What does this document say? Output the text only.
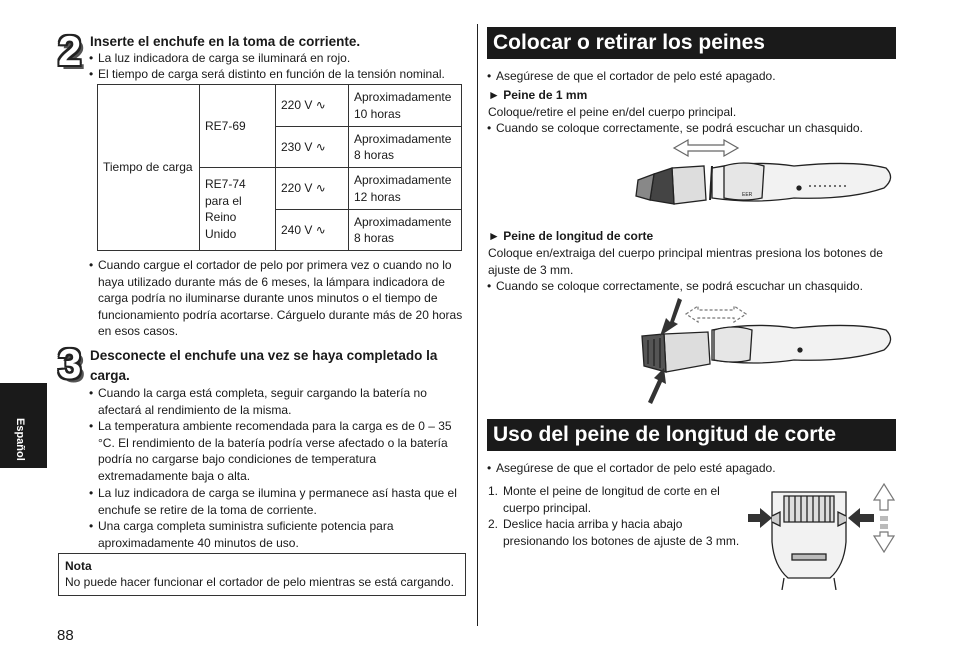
2 Inserte el enchufe en la toma de corriente.
• La luz indicadora de carga se iluminará en rojo.
• El tiempo de carga será distinto en función de la tensión nominal.
Tiempo de carga	RE7-69	220 V ∿	Aproximadamente 10 horas
		230 V ∿	Aproximadamente 8 horas
	RE7-74 para el Reino Unido	220 V ∿	Aproximadamente 12 horas
		240 V ∿	Aproximadamente 8 horas
• Cuando cargue el cortador de pelo por primera vez o cuando no lo haya utilizado durante más de 6 meses, la lámpara indicadora de carga podría no iluminarse durante unos minutos o el tiempo de funcionamiento podría acortarse. Cárguelo durante más de 20 horas en esos casos.
3 Desconecte el enchufe una vez se haya completado la carga.
• Cuando la carga está completa, seguir cargando la batería no afectará al rendimiento de la misma.
• La temperatura ambiente recomendada para la carga es de 0 – 35 °C. El rendimiento de la batería podría verse afectado o la batería podría no cargarse bajo condiciones de temperatura extremadamente baja o alta.
• La luz indicadora de carga se ilumina y permanece así hasta que el enchufe se retire de la toma de corriente.
• Una carga completa suministra suficiente potencia para aproximadamente 40 minutos de uso.
Nota
No puede hacer funcionar el cortador de pelo mientras se está cargando.
Español
88
Colocar o retirar los peines
• Asegúrese de que el cortador de pelo esté apagado.
► Peine de 1 mm
Coloque/retire el peine en/del cuerpo principal.
• Cuando se coloque correctamente, se podrá escuchar un chasquido.
EER
► Peine de longitud de corte
Coloque en/extraiga del cuerpo principal mientras presiona los botones de ajuste de 3 mm.
• Cuando se coloque correctamente, se podrá escuchar un chasquido.
Uso del peine de longitud de corte
• Asegúrese de que el cortador de pelo esté apagado.
1. Monte el peine de longitud de corte en el cuerpo principal.
2. Deslice hacia arriba y hacia abajo presionando los botones de ajuste de 3 mm.
